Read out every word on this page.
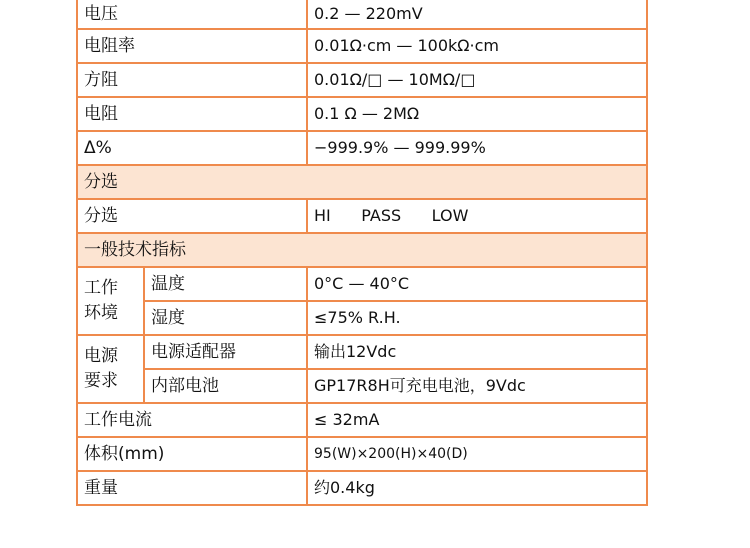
电压		0.2 — 220mV
电阻率		0.01Ω·cm — 100kΩ·cm
方阻		0.01Ω/□ — 10MΩ/□
电阻		0.1 Ω — 2MΩ
Δ%		−999.9% — 999.99%
分选		
分选		HI      PASS      LOW
一般技术指标		

工作
环境	温度	0°C — 40°C
	湿度	≤75% R.H.

电源
要求	电源适配器	输出12Vdc
	内部电池	GP17R8H可充电电池，9Vdc
工作电流		≤ 32mA
体积(mm)		95(W)×200(H)×40(D)
重量		约0.4kg
